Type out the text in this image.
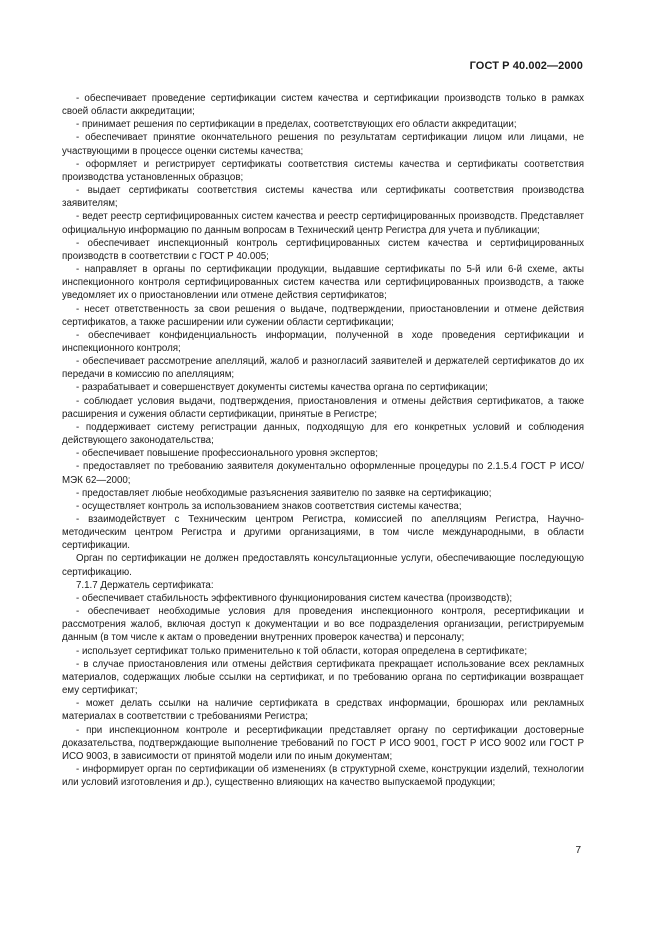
ГОСТ Р 40.002—2000

- обеспечивает проведение сертификации систем качества и сертификации производств только в рамках своей области аккредитации;

- принимает решения по сертификации в пределах, соответствующих его области аккредитации;

- обеспечивает принятие окончательного решения по результатам сертификации лицом или лицами, не участвующими в процессе оценки системы качества;

- оформляет и регистрирует сертификаты соответствия системы качества и сертификаты соответствия производства установленных образцов;

- выдает сертификаты соответствия системы качества или сертификаты соответствия производства заявителям;

- ведет реестр сертифицированных систем качества и реестр сертифицированных производств. Представляет официальную информацию по данным вопросам в Технический центр Регистра для учета и публикации;

- обеспечивает инспекционный контроль сертифицированных систем качества и сертифицированных производств в соответствии с ГОСТ Р 40.005;

- направляет в органы по сертификации продукции, выдавшие сертификаты по 5-й или 6-й схеме, акты инспекционного контроля сертифицированных систем качества или сертифицированных производств, а также уведомляет их о приостановлении или отмене действия сертификатов;

- несет ответственность за свои решения о выдаче, подтверждении, приостановлении и отмене действия сертификатов, а также расширении или сужении области сертификации;

- обеспечивает конфиденциальность информации, полученной в ходе проведения сертификации и инспекционного контроля;

- обеспечивает рассмотрение апелляций, жалоб и разногласий заявителей и держателей сертификатов до их передачи в комиссию по апелляциям;

- разрабатывает и совершенствует документы системы качества органа по сертификации;

- соблюдает условия выдачи, подтверждения, приостановления и отмены действия сертификатов, а также расширения и сужения области сертификации, принятые в Регистре;

- поддерживает систему регистрации данных, подходящую для его конкретных условий и соблюдения действующего законодательства;

- обеспечивает повышение профессионального уровня экспертов;

- предоставляет по требованию заявителя документально оформленные процедуры по 2.1.5.4 ГОСТ Р ИСО/МЭК 62—2000;

- предоставляет любые необходимые разъяснения заявителю по заявке на сертификацию;

- осуществляет контроль за использованием знаков соответствия системы качества;

- взаимодействует с Техническим центром Регистра, комиссией по апелляциям Регистра, Научно-методическим центром Регистра и другими организациями, в том числе международными, в области сертификации.

Орган по сертификации не должен предоставлять консультационные услуги, обеспечивающие последующую сертификацию.

7.1.7 Держатель сертификата:

- обеспечивает стабильность эффективного функционирования систем качества (производств);

- обеспечивает необходимые условия для проведения инспекционного контроля, ресертификации и рассмотрения жалоб, включая доступ к документации и во все подразделения организации, регистрируемым данным (в том числе к актам о проведении внутренних проверок качества) и персоналу;

- использует сертификат только применительно к той области, которая определена в сертификате;

- в случае приостановления или отмены действия сертификата прекращает использование всех рекламных материалов, содержащих любые ссылки на сертификат, и по требованию органа по сертификации возвращает ему сертификат;

- может делать ссылки на наличие сертификата в средствах информации, брошюрах или рекламных материалах в соответствии с требованиями Регистра;

- при инспекционном контроле и ресертификации представляет органу по сертификации достоверные доказательства, подтверждающие выполнение требований по ГОСТ Р ИСО 9001, ГОСТ Р ИСО 9002 или ГОСТ Р ИСО 9003, в зависимости от принятой модели или по иным документам;

- информирует орган по сертификации об изменениях (в структурной схеме, конструкции изделий, технологии или условий изготовления и др.), существенно влияющих на качество выпускаемой продукции;

7
